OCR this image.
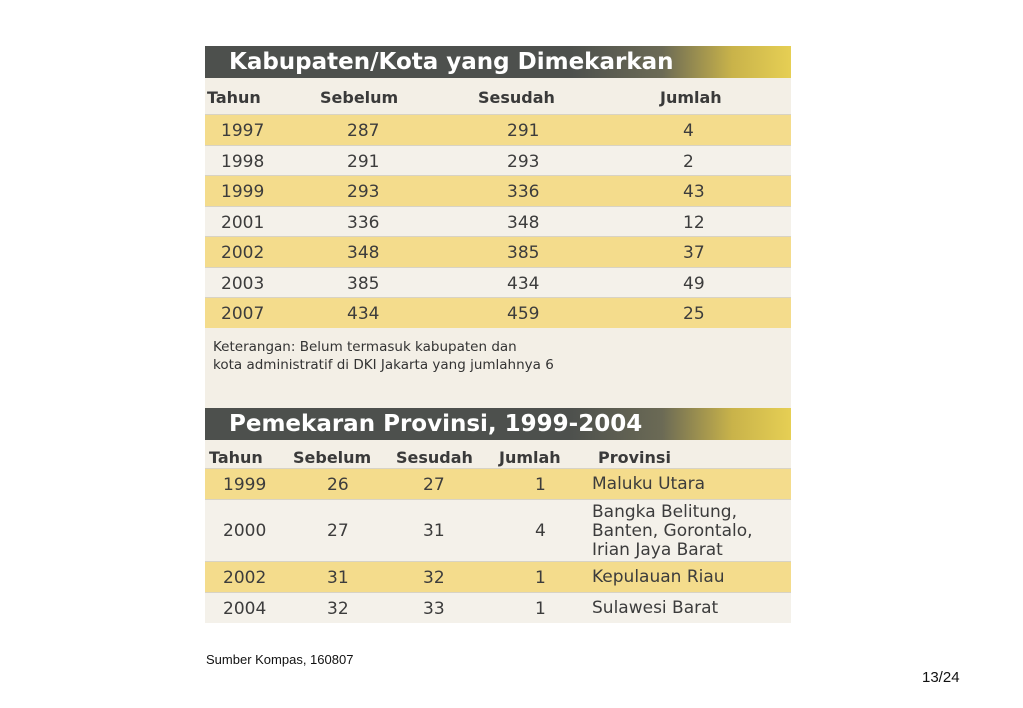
Kabupaten/Kota yang Dimekarkan
Tahun	Sebelum	Sesudah	Jumlah
1997	287	291	4
1998	291	293	2
1999	293	336	43
2001	336	348	12
2002	348	385	37
2003	385	434	49
2007	434	459	25
Keterangan: Belum termasuk kabupaten dan
kota administratif di DKI Jakarta yang jumlahnya 6
Pemekaran Provinsi, 1999-2004
Tahun Sebelum Sesudah Jumlah Provinsi
1999	26	27	1	Maluku Utara
2000	27	31	4
Bangka Belitung,
Banten, Gorontalo,
Irian Jaya Barat
2002	31	32	1	Kepulauan Riau
2004	32	33	1	Sulawesi Barat
Sumber Kompas, 160807
13/24
